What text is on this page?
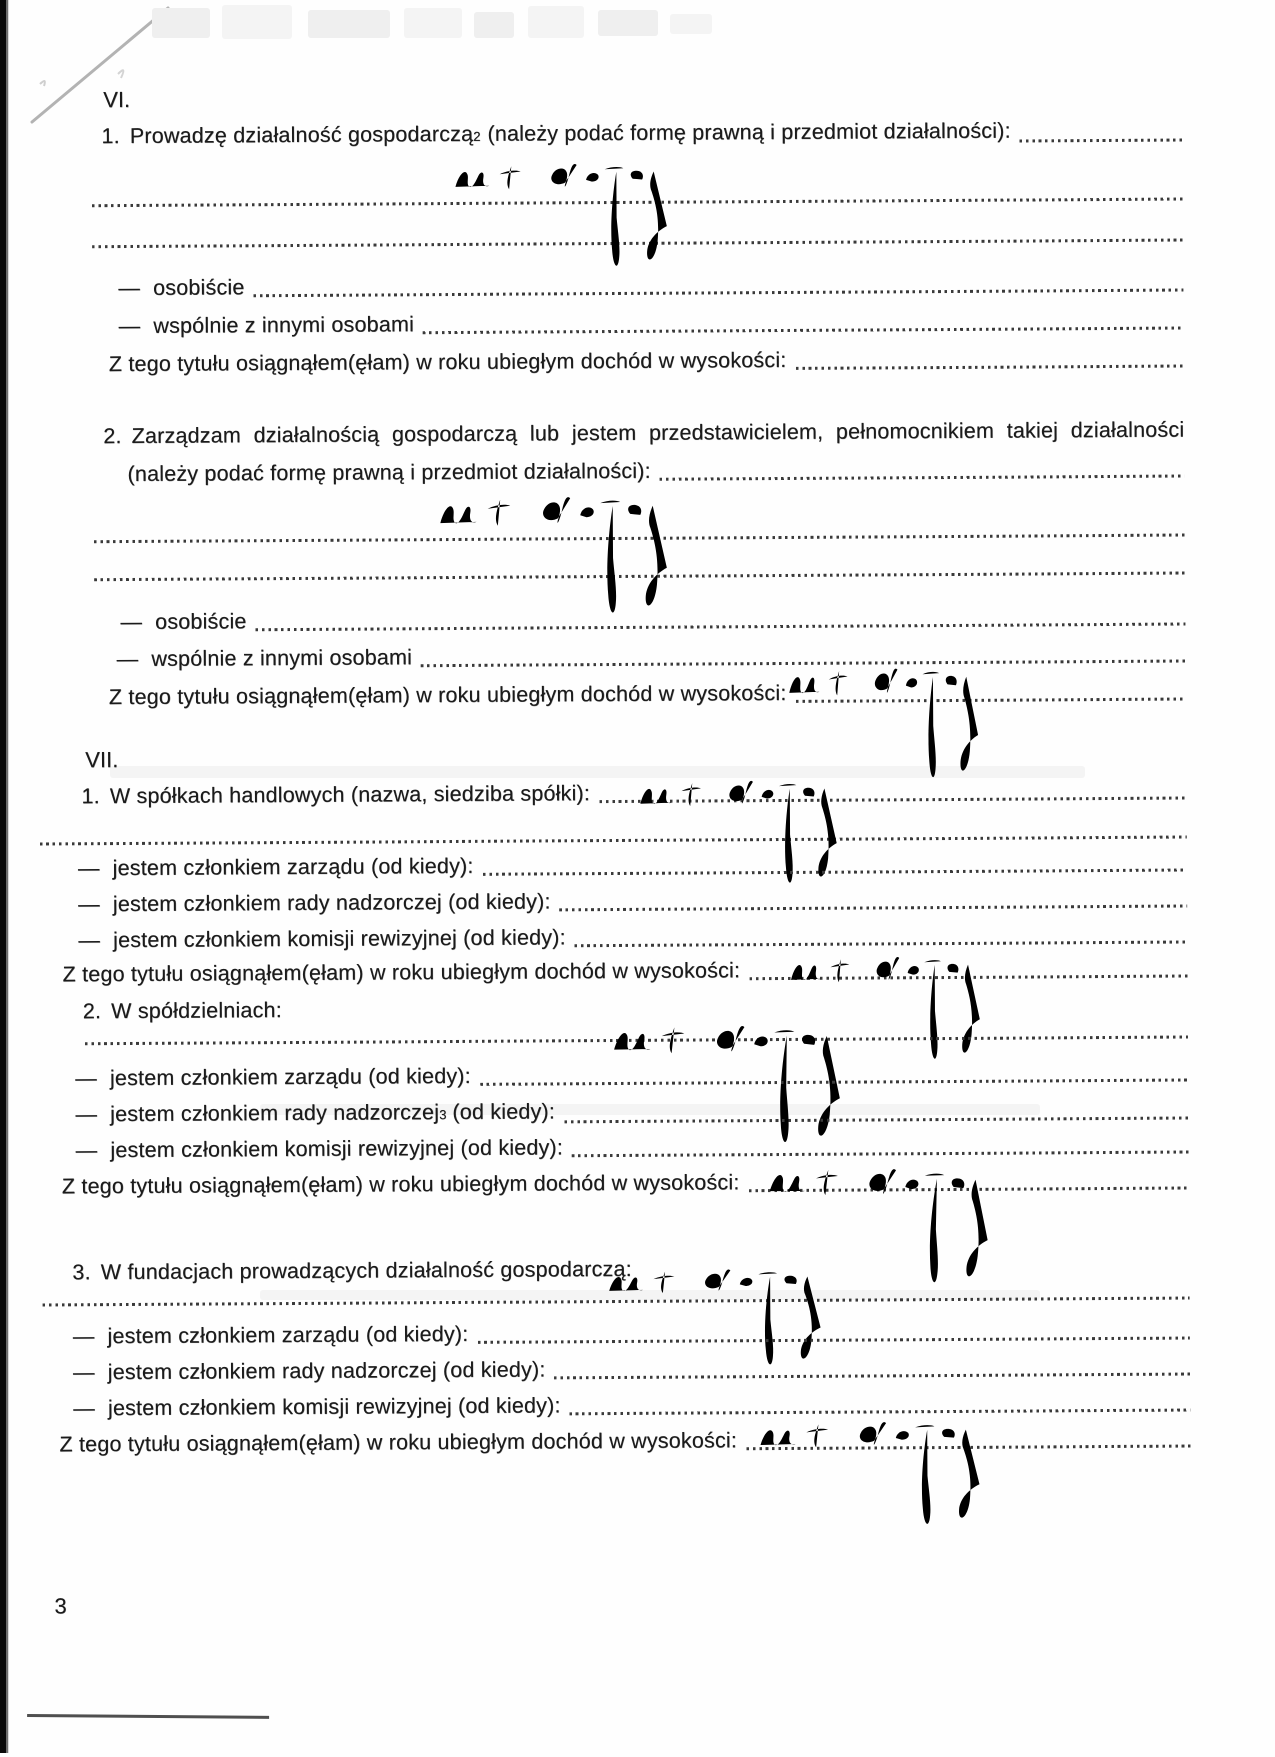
VI.
1. Prowadzę działalność gospodarczą 2 (należy podać formę prawną i przedmiot działalności):
— osobiście
— wspólnie z innymi osobami
Z tego tytułu osiągnąłem(ęłam) w roku ubiegłym dochód w wysokości:
2. Zarządzam działalnością gospodarczą lub jestem przedstawicielem, pełnomocnikiem takiej działalności
(należy podać formę prawną i przedmiot działalności):
— osobiście
— wspólnie z innymi osobami
Z tego tytułu osiągnąłem(ęłam) w roku ubiegłym dochód w wysokości:
VII.
1. W spółkach handlowych (nazwa, siedziba spółki):
— jestem członkiem zarządu (od kiedy):
— jestem członkiem rady nadzorczej (od kiedy):
— jestem członkiem komisji rewizyjnej (od kiedy):
Z tego tytułu osiągnąłem(ęłam) w roku ubiegłym dochód w wysokości:
2. W spółdzielniach:
— jestem członkiem zarządu (od kiedy):
— jestem członkiem rady nadzorczej 3 (od kiedy):
— jestem członkiem komisji rewizyjnej (od kiedy):
Z tego tytułu osiągnąłem(ęłam) w roku ubiegłym dochód w wysokości:
3. W fundacjach prowadzących działalność gospodarczą:
— jestem członkiem zarządu (od kiedy):
— jestem członkiem rady nadzorczej (od kiedy):
— jestem członkiem komisji rewizyjnej (od kiedy):
Z tego tytułu osiągnąłem(ęłam) w roku ubiegłym dochód w wysokości:
3
